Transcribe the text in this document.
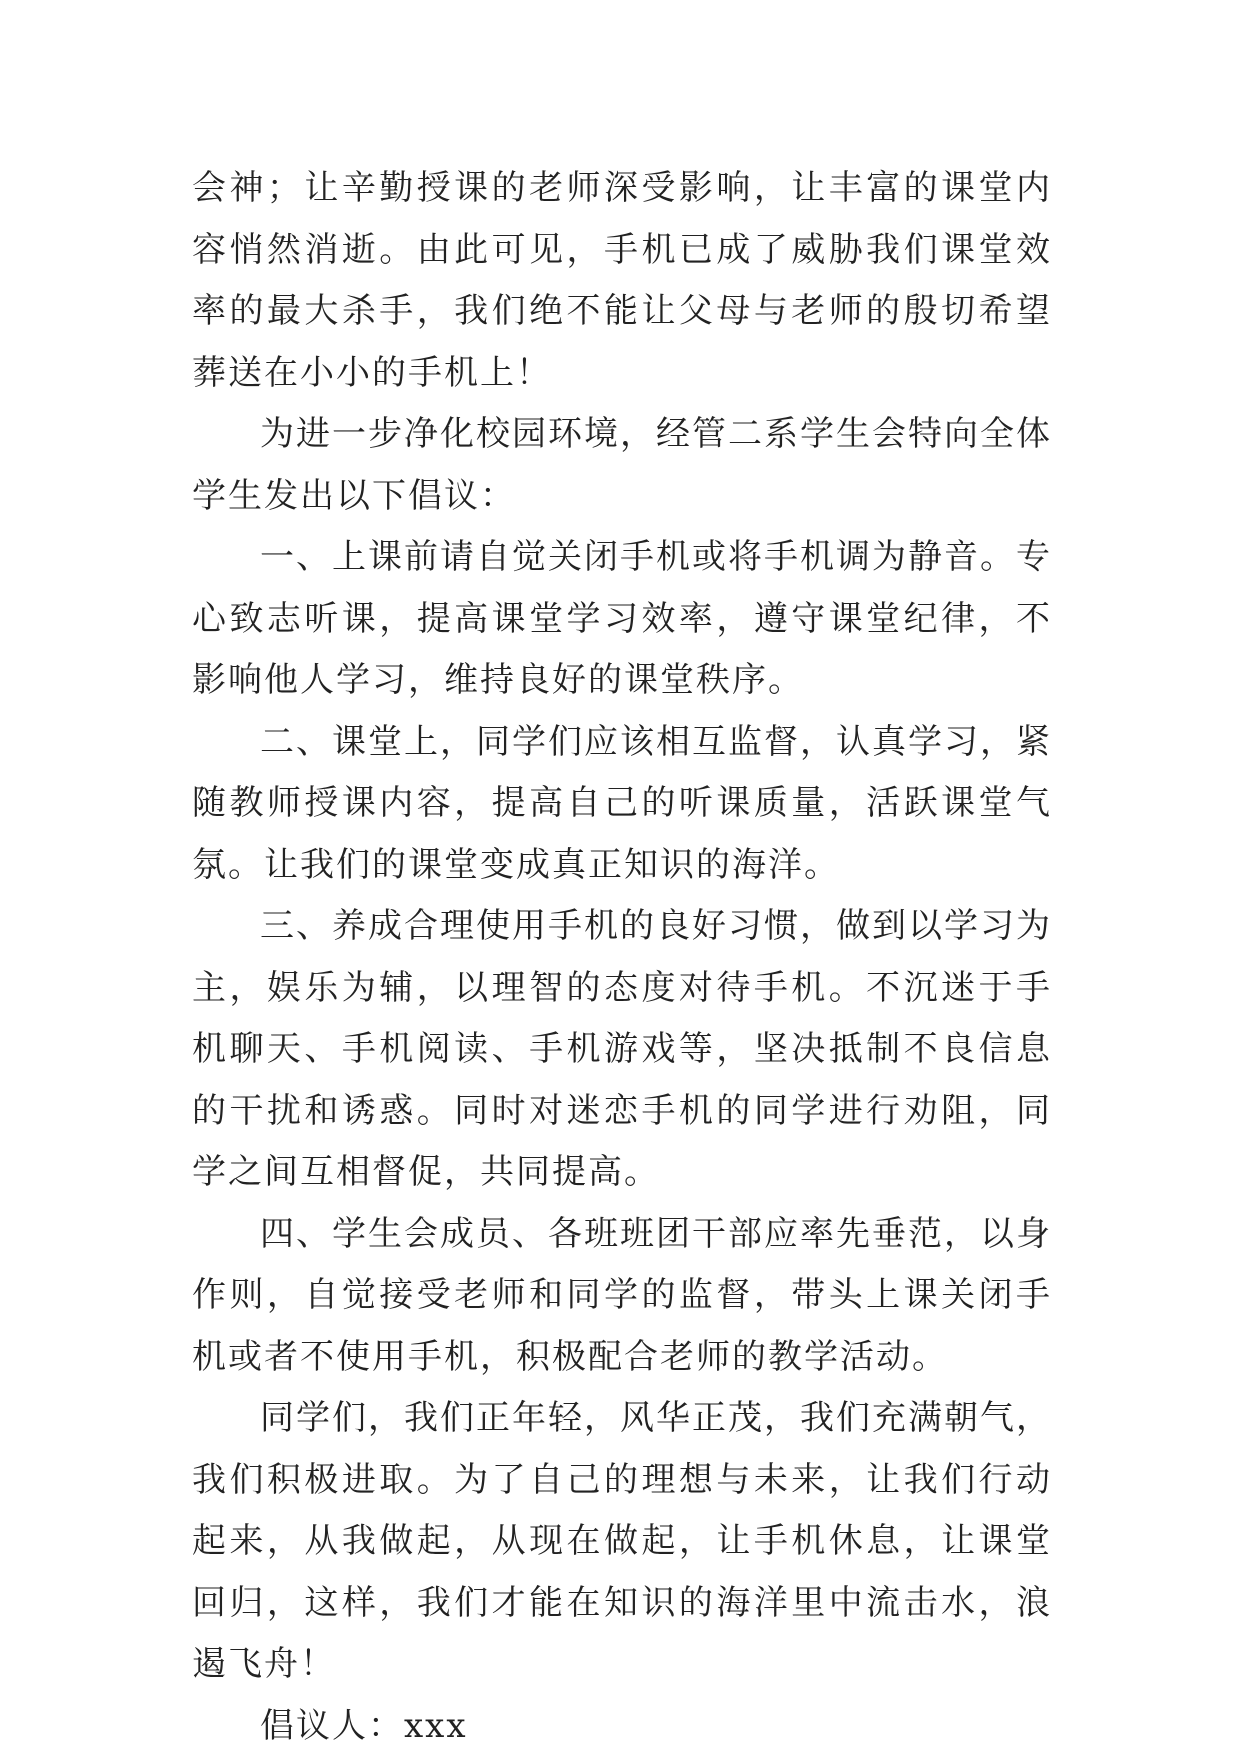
会神；让辛勤授课的老师深受影响，让丰富的课堂内容悄然消逝。由此可见，手机已成了威胁我们课堂效率的最大杀手，我们绝不能让父母与老师的殷切希望葬送在小小的手机上！

为进一步净化校园环境，经管二系学生会特向全体学生发出以下倡议：

一、上课前请自觉关闭手机或将手机调为静音。专心致志听课，提高课堂学习效率，遵守课堂纪律，不影响他人学习，维持良好的课堂秩序。

二、课堂上，同学们应该相互监督，认真学习，紧随教师授课内容，提高自己的听课质量，活跃课堂气氛。让我们的课堂变成真正知识的海洋。

三、养成合理使用手机的良好习惯，做到以学习为主，娱乐为辅，以理智的态度对待手机。不沉迷于手机聊天、手机阅读、手机游戏等，坚决抵制不良信息的干扰和诱惑。同时对迷恋手机的同学进行劝阻，同学之间互相督促，共同提高。

四、学生会成员、各班班团干部应率先垂范，以身作则，自觉接受老师和同学的监督，带头上课关闭手机或者不使用手机，积极配合老师的教学活动。

同学们，我们正年轻，风华正茂，我们充满朝气，我们积极进取。为了自己的理想与未来，让我们行动起来，从我做起，从现在做起，让手机休息，让课堂回归，这样，我们才能在知识的海洋里中流击水，浪遏飞舟！

倡议人：xxx
